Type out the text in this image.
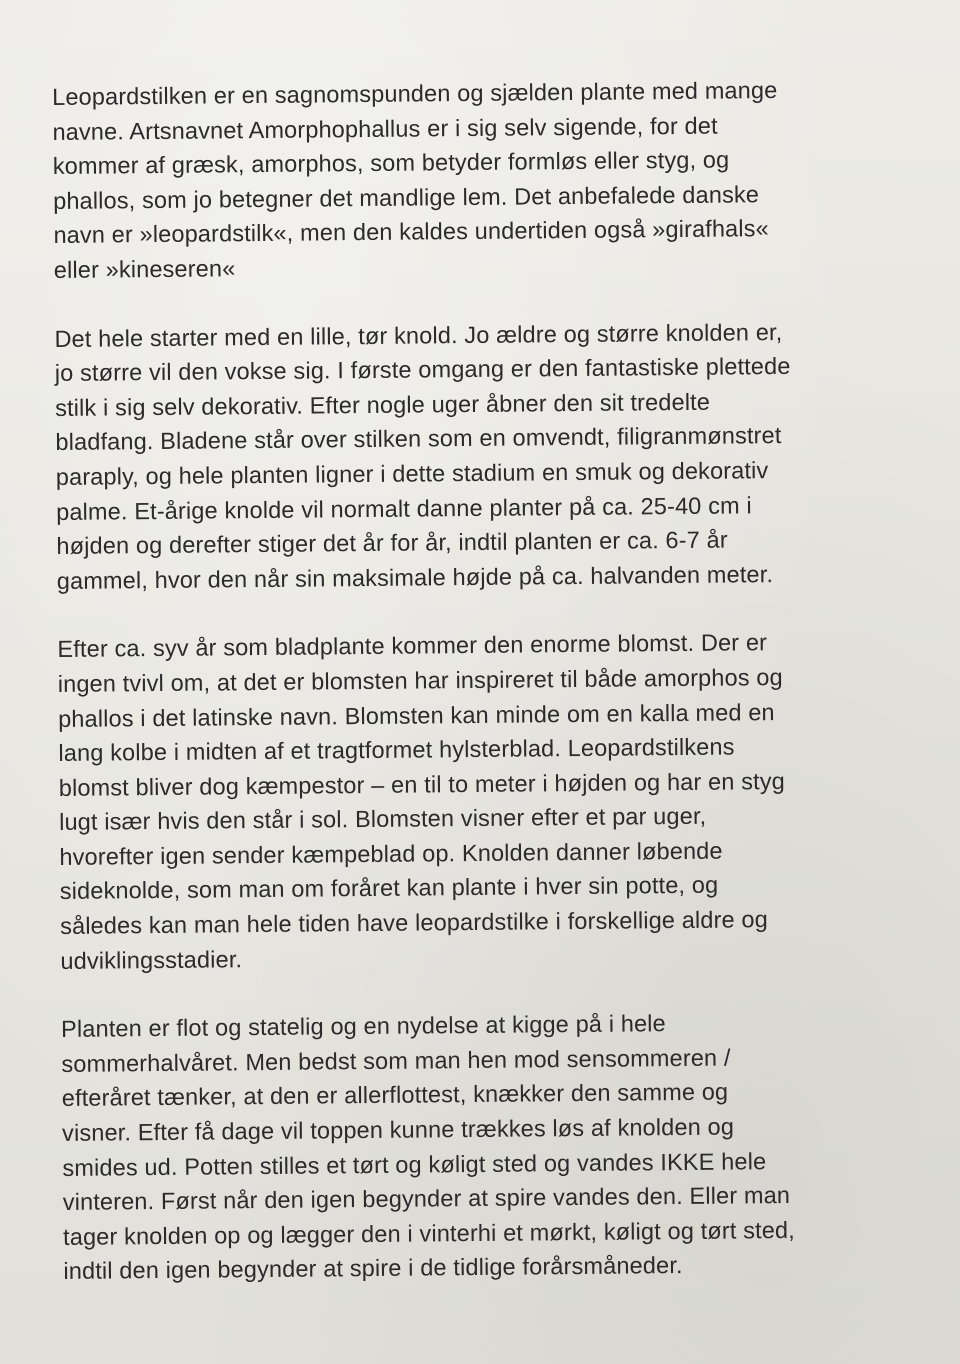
Leopardstilken er en sagnomspunden og sjælden plante med mange
navne. Artsnavnet Amorphophallus er i sig selv sigende, for det
kommer af græsk, amorphos, som betyder formløs eller styg, og
phallos, som jo betegner det mandlige lem. Det anbefalede danske
navn er »leopardstilk«, men den kaldes undertiden også »girafhals«
eller »kineseren«

Det hele starter med en lille, tør knold. Jo ældre og større knolden er,
jo større vil den vokse sig. I første omgang er den fantastiske plettede
stilk i sig selv dekorativ. Efter nogle uger åbner den sit tredelte
bladfang. Bladene står over stilken som en omvendt, filigranmønstret
paraply, og hele planten ligner i dette stadium en smuk og dekorativ
palme. Et-årige knolde vil normalt danne planter på ca. 25-40 cm i
højden og derefter stiger det år for år, indtil planten er ca. 6-7 år
gammel, hvor den når sin maksimale højde på ca. halvanden meter.

Efter ca. syv år som bladplante kommer den enorme blomst. Der er
ingen tvivl om, at det er blomsten har inspireret til både amorphos og
phallos i det latinske navn. Blomsten kan minde om en kalla med en
lang kolbe i midten af et tragtformet hylsterblad. Leopardstilkens
blomst bliver dog kæmpestor – en til to meter i højden og har en styg
lugt især hvis den står i sol. Blomsten visner efter et par uger,
hvorefter igen sender kæmpeblad op. Knolden danner løbende
sideknolde, som man om foråret kan plante i hver sin potte, og
således kan man hele tiden have leopardstilke i forskellige aldre og
udviklingsstadier.

Planten er flot og statelig og en nydelse at kigge på i hele
sommerhalvåret. Men bedst som man hen mod sensommeren /
efteråret tænker, at den er allerflottest, knækker den samme og
visner. Efter få dage vil toppen kunne trækkes løs af knolden og
smides ud. Potten stilles et tørt og køligt sted og vandes IKKE hele
vinteren. Først når den igen begynder at spire vandes den. Eller man
tager knolden op og lægger den i vinterhi et mørkt, køligt og tørt sted,
indtil den igen begynder at spire i de tidlige forårsmåneder.
